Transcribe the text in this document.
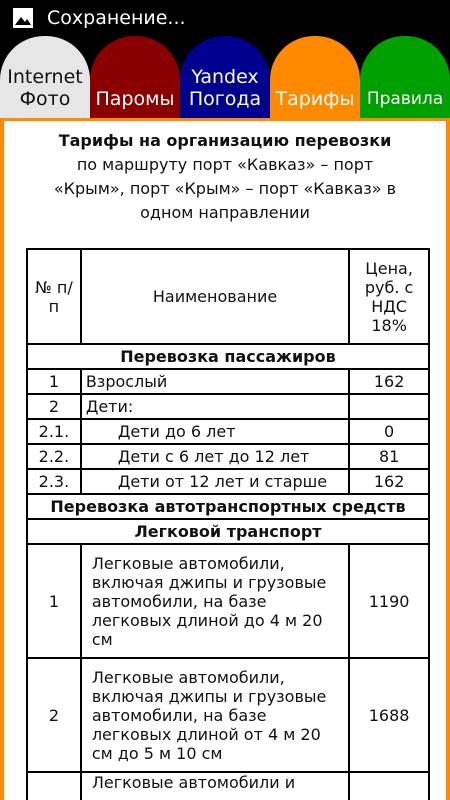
Сохранение...
Internet
Фото	Паромы
Yandex
Погода Тарифы Правила
Тарифы на организацию перевозки
по маршруту порт «Кавказ» – порт «Крым», порт «Крым» – порт «Кавказ» в одном направлении
№ п/п	Наименование	Цена, руб. с НДС 18%
Перевозка пассажиров		
1	Взрослый	162
2	Дети:	
2.1.	Дети до 6 лет	0
2.2.	Дети с 6 лет до 12 лет	81
2.3.	Дети от 12 лет и старше	162
Перевозка автотранспортных средств		
Легковой транспорт		
1	Легковые автомобили, включая джипы и грузовые автомобили, на базе легковых длиной до 4 м 20 см	1190
2	Легковые автомобили, включая джипы и грузовые автомобили, на базе легковых длиной от 4 м 20 см до 5 м 10 см	1688
	Легковые автомобили и	
